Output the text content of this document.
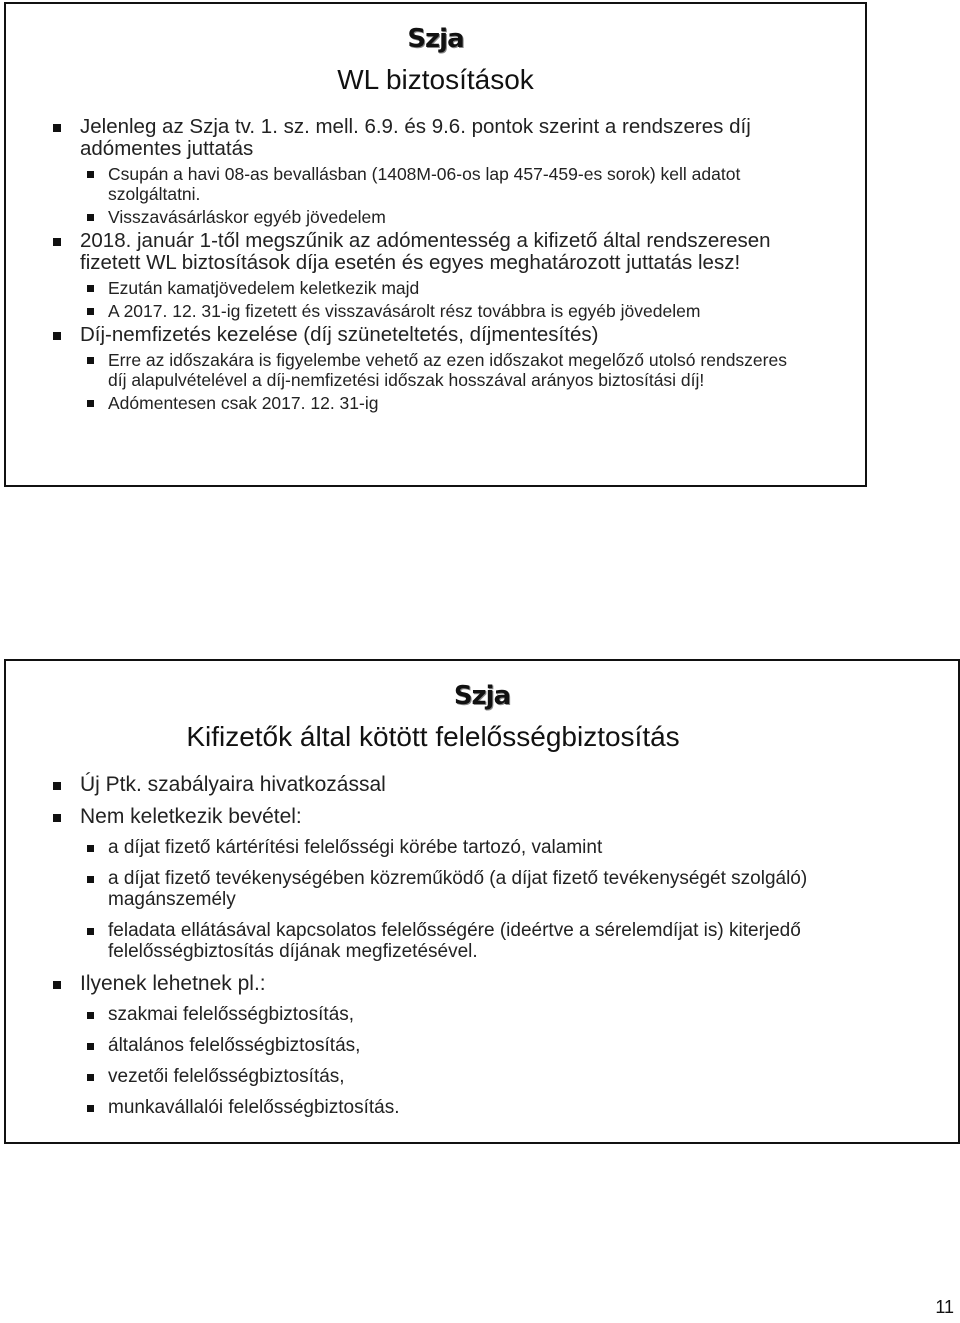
Szja
WL biztosítások
Jelenleg az Szja tv. 1. sz. mell. 6.9. és 9.6. pontok szerint a rendszeres díj adómentes juttatás
Csupán a havi 08-as bevallásban (1408M-06-os lap 457-459-es sorok) kell adatot szolgáltatni.
Visszavásárláskor egyéb jövedelem
2018. január 1-től megszűnik az adómentesség a kifizető által rendszeresen fizetett WL biztosítások díja esetén és egyes meghatározott juttatás lesz!
Ezután kamatjövedelem keletkezik majd
A 2017. 12. 31-ig fizetett és visszavásárolt rész továbbra is egyéb jövedelem
Díj-nemfizetés kezelése (díj szüneteltetés, díjmentesítés)
Erre az időszakára is figyelembe vehető az ezen időszakot megelőző utolsó rendszeres díj alapulvételével a díj-nemfizetési időszak hosszával arányos biztosítási díj!
Adómentesen csak 2017. 12. 31-ig
Szja
Kifizetők által kötött felelősségbiztosítás
Új Ptk. szabályaira hivatkozással
Nem keletkezik bevétel:
a díjat fizető kártérítési felelősségi körébe tartozó, valamint
a díjat fizető tevékenységében közreműködő (a díjat fizető tevékenységét szolgáló) magánszemély
feladata ellátásával kapcsolatos felelősségére (ideértve a sérelemdíjat is) kiterjedő felelősségbiztosítás díjának megfizetésével.
Ilyenek lehetnek pl.:
szakmai felelősségbiztosítás,
általános felelősségbiztosítás,
vezetői felelősségbiztosítás,
munkavállalói felelősségbiztosítás.
11
